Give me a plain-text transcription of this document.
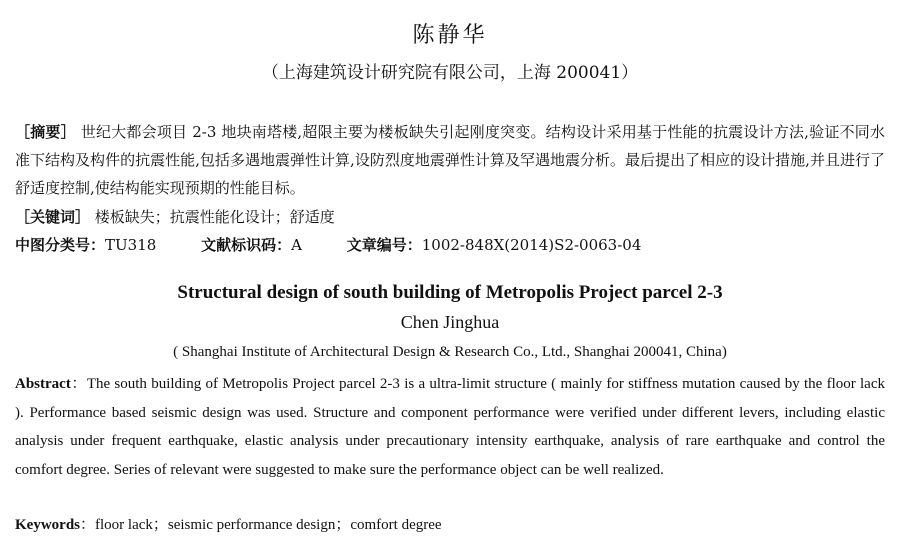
陈静华
（上海建筑设计研究院有限公司，上海 200041）
［摘要］ 世纪大都会项目 2-3 地块南塔楼,超限主要为楼板缺失引起刚度突变。结构设计采用基于性能的抗震设计方法,验证不同水准下结构及构件的抗震性能,包括多遇地震弹性计算,设防烈度地震弹性计算及罕遇地震分析。最后提出了相应的设计措施,并且进行了舒适度控制,使结构能实现预期的性能目标。
［关键词］ 楼板缺失；抗震性能化设计；舒适度
中图分类号：TU318	文献标识码：A	文章编号：1002-848X(2014)S2-0063-04
Structural design of south building of Metropolis Project parcel 2-3
Chen Jinghua
( Shanghai Institute of Architectural Design & Research Co., Ltd., Shanghai 200041, China)
Abstract：The south building of Metropolis Project parcel 2-3 is a ultra-limit structure ( mainly for stiffness mutation caused by the floor lack ). Performance based seismic design was used. Structure and component performance were verified under different levers, including elastic analysis under frequent earthquake, elastic analysis under precautionary intensity earthquake, analysis of rare earthquake and control the comfort degree. Series of relevant were suggested to make sure the performance object can be well realized.
Keywords：floor lack；seismic performance design；comfort degree
